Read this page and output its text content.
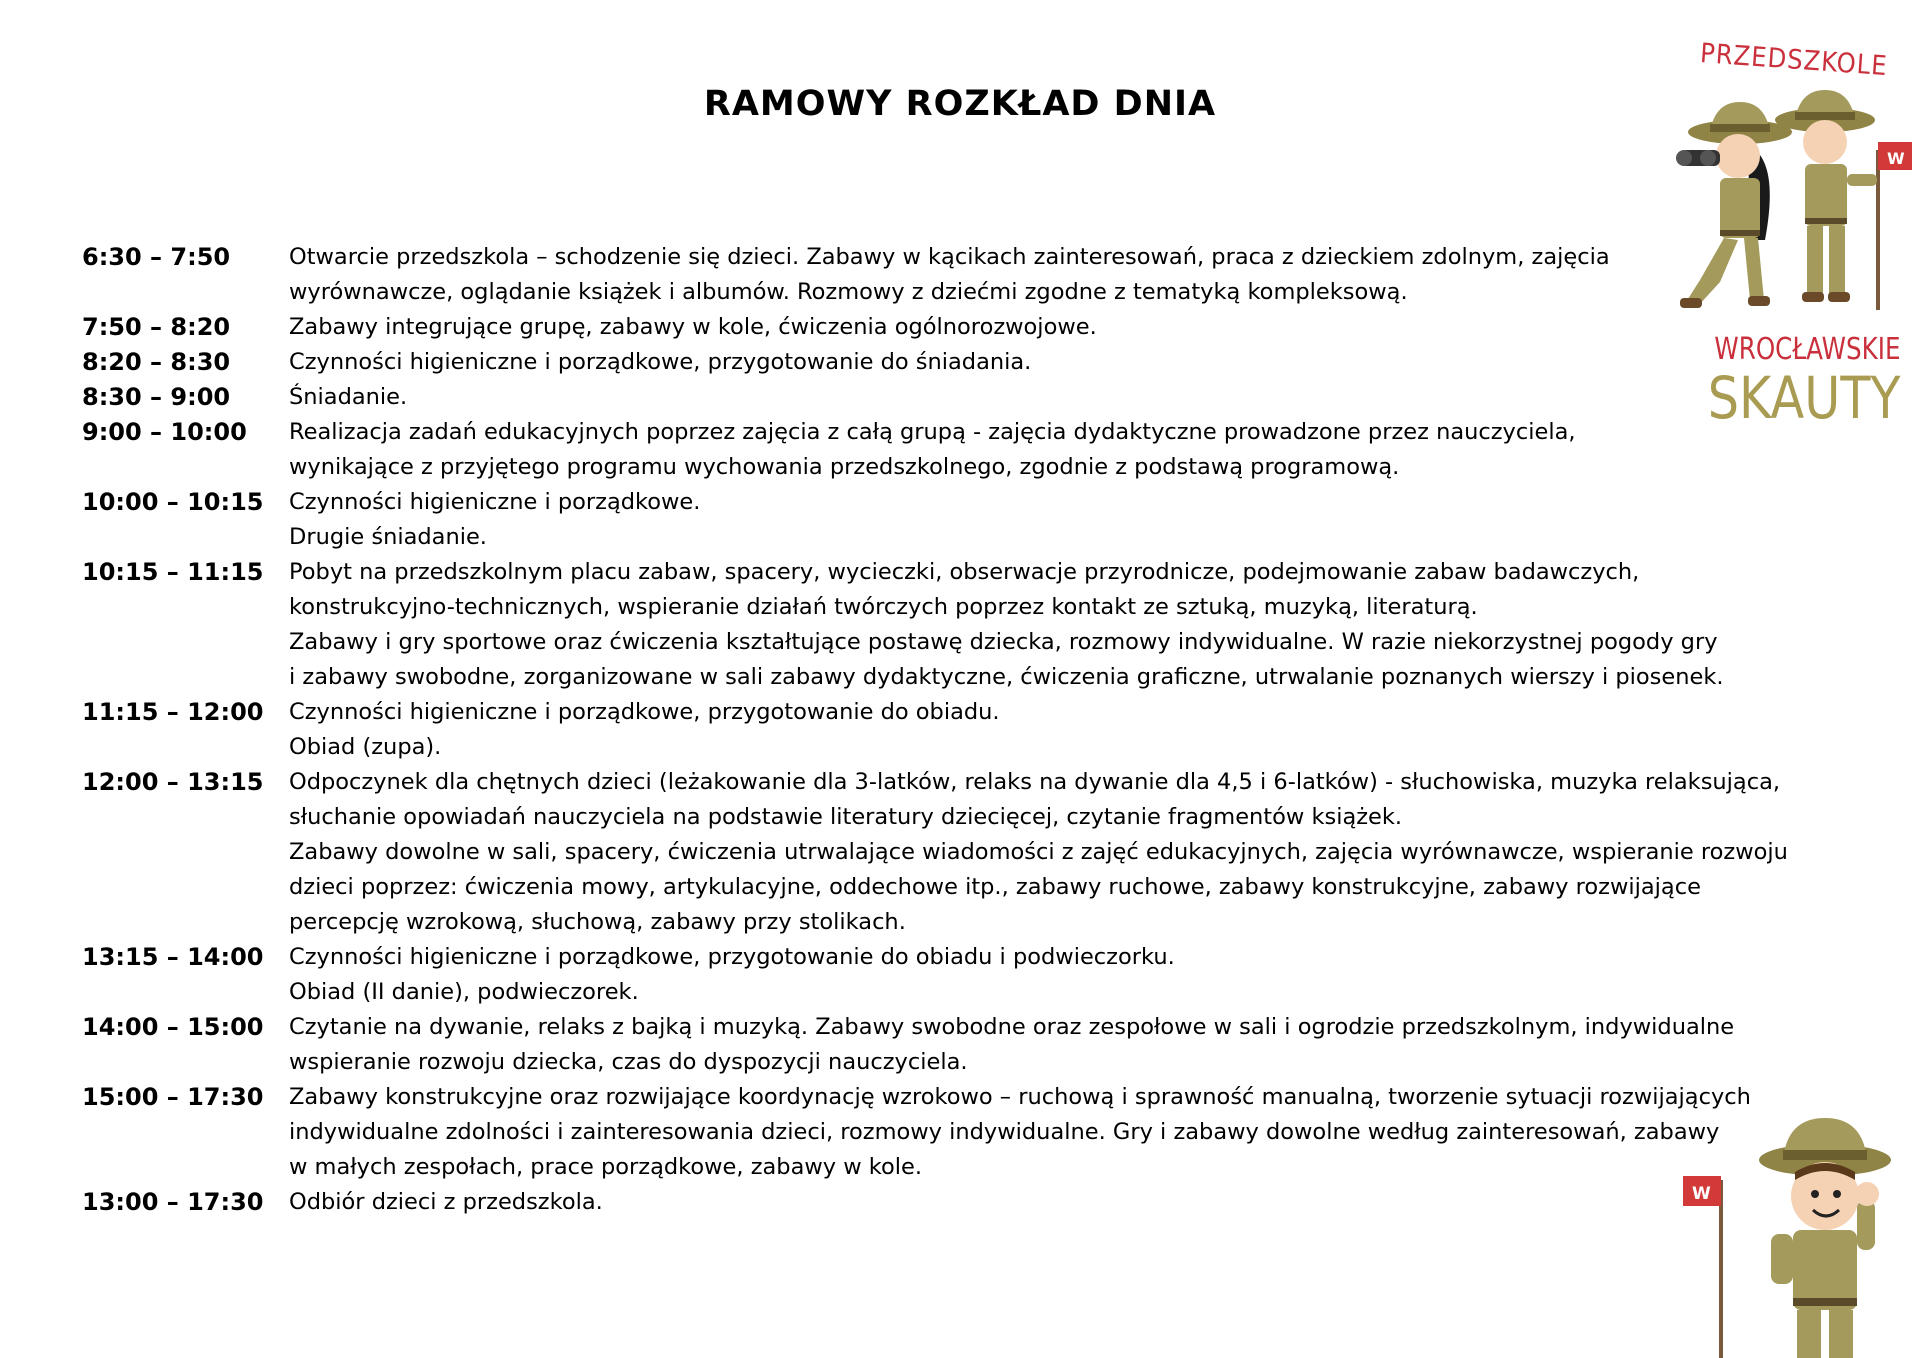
RAMOWY ROZKŁAD DNIA
6:30 – 7:50	Otwarcie przedszkola – schodzenie się dzieci. Zabawy w kącikach zainteresowań, praca z dzieckiem zdolnym, zajęcia
wyrównawcze, oglądanie książek i albumów. Rozmowy z dziećmi zgodne z tematyką kompleksową.
7:50 – 8:20	Zabawy integrujące grupę, zabawy w kole, ćwiczenia ogólnorozwojowe.
8:20 – 8:30	Czynności higieniczne i porządkowe, przygotowanie do śniadania.
8:30 – 9:00	Śniadanie.
9:00 – 10:00	Realizacja zadań edukacyjnych poprzez zajęcia z całą grupą - zajęcia dydaktyczne prowadzone przez nauczyciela,
wynikające z przyjętego programu wychowania przedszkolnego, zgodnie z podstawą programową.
10:00 – 10:15	Czynności higieniczne i porządkowe.
Drugie śniadanie.
10:15 – 11:15	Pobyt na przedszkolnym placu zabaw, spacery, wycieczki, obserwacje przyrodnicze, podejmowanie zabaw badawczych,
konstrukcyjno-technicznych, wspieranie działań twórczych poprzez kontakt ze sztuką, muzyką, literaturą.
Zabawy i gry sportowe oraz ćwiczenia kształtujące postawę dziecka, rozmowy indywidualne. W razie niekorzystnej pogody gry
i zabawy swobodne, zorganizowane w sali zabawy dydaktyczne, ćwiczenia graficzne, utrwalanie poznanych wierszy i piosenek.
11:15 – 12:00	Czynności higieniczne i porządkowe, przygotowanie do obiadu.
Obiad (zupa).
12:00 – 13:15	Odpoczynek dla chętnych dzieci (leżakowanie dla 3-latków, relaks na dywanie dla 4,5 i 6-latków) - słuchowiska, muzyka relaksująca,
słuchanie opowiadań nauczyciela na podstawie literatury dziecięcej, czytanie fragmentów książek.
Zabawy dowolne w sali, spacery, ćwiczenia utrwalające wiadomości z zajęć edukacyjnych, zajęcia wyrównawcze, wspieranie rozwoju
dzieci poprzez: ćwiczenia mowy, artykulacyjne, oddechowe itp., zabawy ruchowe, zabawy konstrukcyjne, zabawy rozwijające
percepcję wzrokową, słuchową, zabawy przy stolikach.
13:15 – 14:00	Czynności higieniczne i porządkowe, przygotowanie do obiadu i podwieczorku.
Obiad (II danie), podwieczorek.
14:00 – 15:00	Czytanie na dywanie, relaks z bajką i muzyką. Zabawy swobodne oraz zespołowe w sali i ogrodzie przedszkolnym, indywidualne
wspieranie rozwoju dziecka, czas do dyspozycji nauczyciela.
15:00 – 17:30	Zabawy konstrukcyjne oraz rozwijające koordynację wzrokowo – ruchową i sprawność manualną, tworzenie sytuacji rozwijających
indywidualne zdolności i zainteresowania dzieci, rozmowy indywidualne. Gry i zabawy dowolne według zainteresowań, zabawy
w małych zespołach, prace porządkowe, zabawy w kole.
13:00 – 17:30	Odbiór dzieci z przedszkola.
PRZEDSZKOLE
W
WROCŁAWSKIE
SKAUTY
W
